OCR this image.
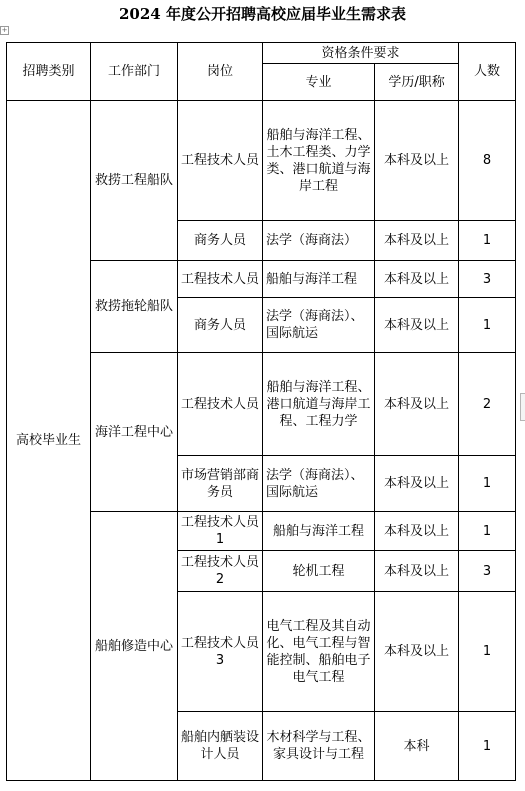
2024 年度公开招聘高校应届毕业生需求表
+
招聘类别	工作部门	岗位	资格条件要求		人数
			专业	学历/职称	
高校毕业生	救捞工程船队	工程技术人员	船舶与海洋工程、土木工程类、力学类、港口航道与海岸工程	本科及以上	8
		商务人员	法学（海商法）	本科及以上	1
	救捞拖轮船队	工程技术人员	船舶与海洋工程	本科及以上	3
		商务人员	法学（海商法）、国际航运	本科及以上	1
	海洋工程中心	工程技术人员	船舶与海洋工程、港口航道与海岸工程、工程力学	本科及以上	2
		市场营销部商务员	法学（海商法）、国际航运	本科及以上	1
	船舶修造中心	工程技术人员 1	船舶与海洋工程	本科及以上	1
		工程技术人员 2	轮机工程	本科及以上	3
		工程技术人员 3	电气工程及其自动化、电气工程与智能控制、船舶电子电气工程	本科及以上	1
		船舶内舾装设计人员	木材科学与工程、家具设计与工程	本科	1
